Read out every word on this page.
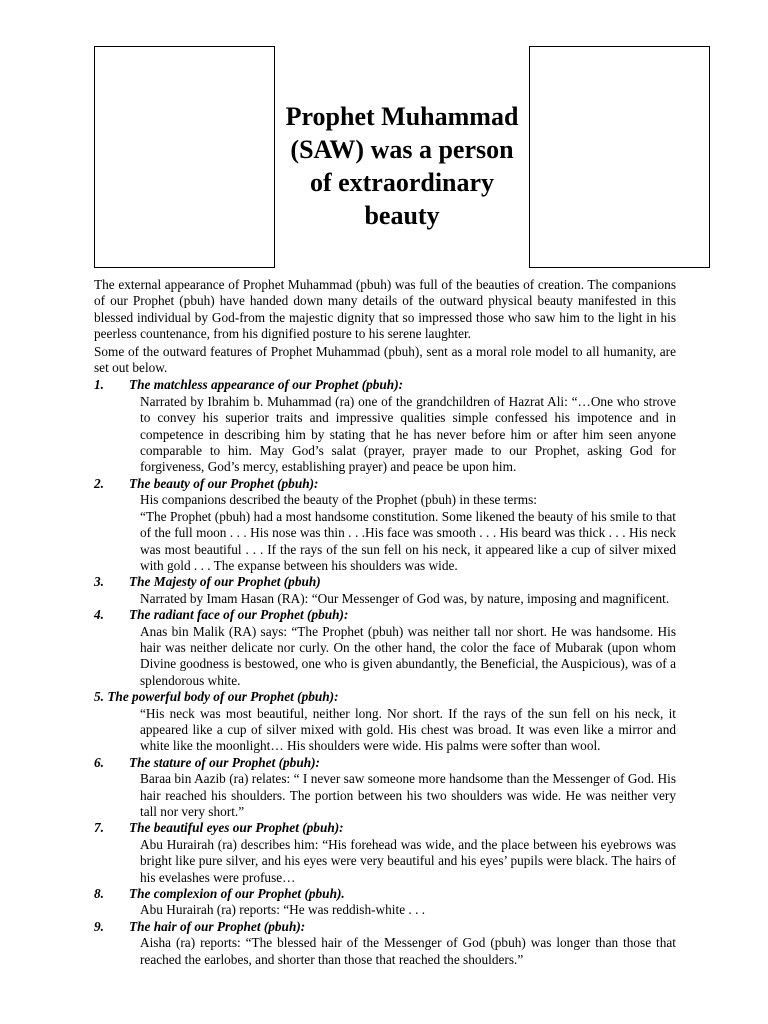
Prophet Muhammad (SAW) was a person of extraordinary beauty

The external appearance of Prophet Muhammad (pbuh) was full of the beauties of creation. The companions of our Prophet (pbuh) have handed down many details of the outward physical beauty manifested in this blessed individual by God-from the majestic dignity that so impressed those who saw him to the light in his peerless countenance, from his dignified posture to his serene laughter.

Some of the outward features of Prophet Muhammad (pbuh), sent as a moral role model to all humanity, are set out below.

1.	The matchless appearance of our Prophet (pbuh):

Narrated by Ibrahim b. Muhammad (ra) one of the grandchildren of Hazrat Ali: “…One who strove to convey his superior traits and impressive qualities simple confessed his impotence and in competence in describing him by stating that he has never before him or after him seen anyone comparable to him. May God’s salat (prayer, prayer made to our Prophet, asking God for forgiveness, God’s mercy, establishing prayer) and peace be upon him.

2.	The beauty of our Prophet (pbuh):

His companions described the beauty of the Prophet (pbuh) in these terms:

“The Prophet (pbuh) had a most handsome constitution. Some likened the beauty of his smile to that of the full moon . . . His nose was thin . . .His face was smooth . . . His beard was thick . . . His neck was most beautiful . . . If the rays of the sun fell on his neck, it appeared like a cup of silver mixed with gold . . . The expanse between his shoulders was wide.

3.	The Majesty of our Prophet (pbuh)

Narrated by Imam Hasan (RA): “Our Messenger of God was, by nature, imposing and magnificent.

4.	The radiant face of our Prophet (pbuh):

Anas bin Malik (RA) says: “The Prophet (pbuh) was neither tall nor short. He was handsome. His hair was neither delicate nor curly. On the other hand, the color the face of Mubarak (upon whom Divine goodness is bestowed, one who is given abundantly, the Beneficial, the Auspicious), was of a splendorous white.

5. The powerful body of our Prophet (pbuh):

“His neck was most beautiful, neither long. Nor short. If the rays of the sun fell on his neck, it appeared like a cup of silver mixed with gold. His chest was broad. It was even like a mirror and white like the moonlight… His shoulders were wide. His palms were softer than wool.

6.	The stature of our Prophet (pbuh):

Baraa bin Aazib (ra) relates: “ I never saw someone more handsome than the Messenger of God. His hair reached his shoulders. The portion between his two shoulders was wide. He was neither very tall nor very short.”

7.	The beautiful eyes our Prophet (pbuh):

Abu Hurairah (ra) describes him: “His forehead was wide, and the place between his eyebrows was bright like pure silver, and his eyes were very beautiful and his eyes’ pupils were black. The hairs of his evelashes were profuse…

8.	The complexion of our Prophet (pbuh).

Abu Hurairah (ra) reports: “He was reddish-white . . .

9.	The hair of our Prophet (pbuh):

Aisha (ra) reports: “The blessed hair of the Messenger of God (pbuh) was longer than those that reached the earlobes, and shorter than those that reached the shoulders.”
